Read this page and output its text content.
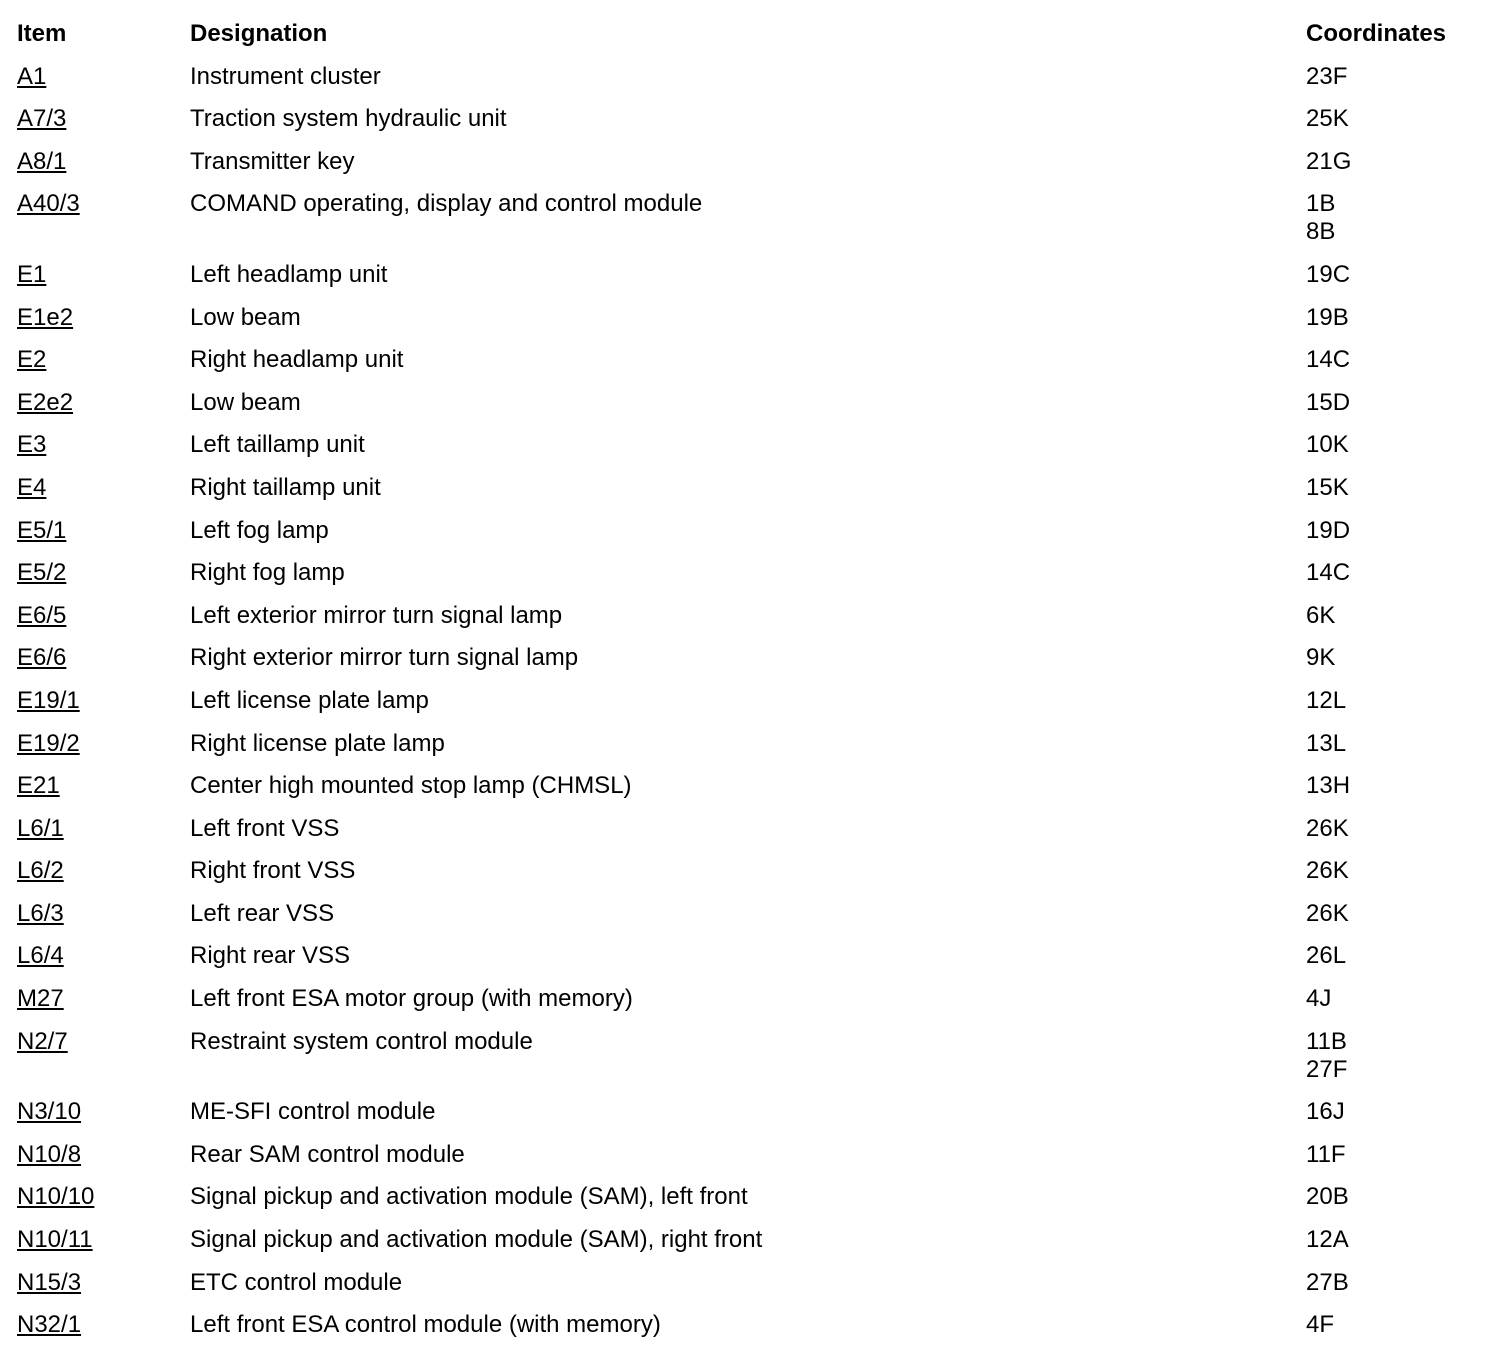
Item	Designation	Coordinates
A1	Instrument cluster	23F
A7/3	Traction system hydraulic unit	25K
A8/1	Transmitter key	21G
A40/3	COMAND operating, display and control module	1B
8B
E1	Left headlamp unit	19C
E1e2	Low beam	19B
E2	Right headlamp unit	14C
E2e2	Low beam	15D
E3	Left taillamp unit	10K
E4	Right taillamp unit	15K
E5/1	Left fog lamp	19D
E5/2	Right fog lamp	14C
E6/5	Left exterior mirror turn signal lamp	6K
E6/6	Right exterior mirror turn signal lamp	9K
E19/1	Left license plate lamp	12L
E19/2	Right license plate lamp	13L
E21	Center high mounted stop lamp (CHMSL)	13H
L6/1	Left front VSS	26K
L6/2	Right front VSS	26K
L6/3	Left rear VSS	26K
L6/4	Right rear VSS	26L
M27	Left front ESA motor group (with memory)	4J
N2/7	Restraint system control module	11B
27F
N3/10	ME-SFI control module	16J
N10/8	Rear SAM control module	11F
N10/10	Signal pickup and activation module (SAM), left front	20B
N10/11	Signal pickup and activation module (SAM), right front	12A
N15/3	ETC control module	27B
N32/1	Left front ESA control module (with memory)	4F
